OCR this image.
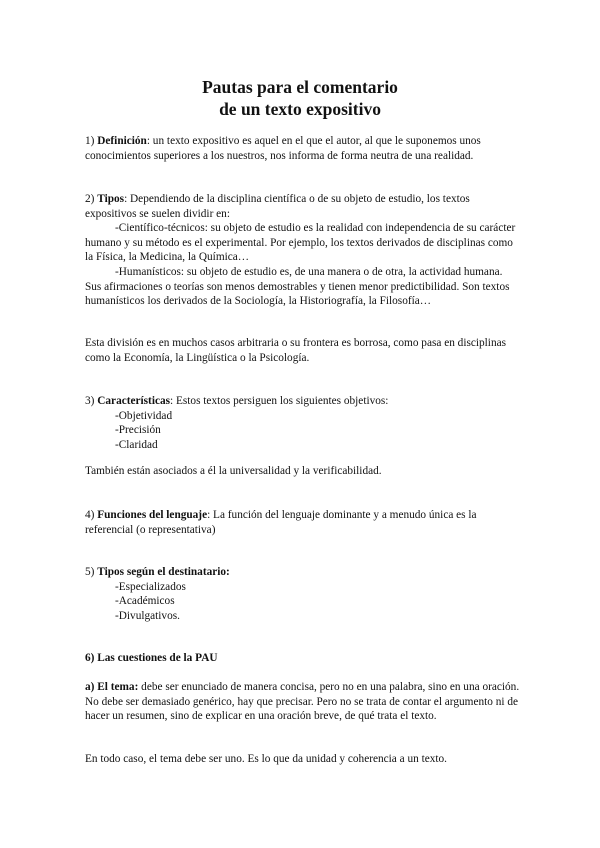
Pautas para el comentario
de un texto expositivo

1) Definición: un texto expositivo es aquel en el que el autor, al que le suponemos unos conocimientos superiores a los nuestros, nos informa de forma neutra de una realidad.

2) Tipos: Dependiendo de la disciplina científica o de su objeto de estudio, los textos expositivos se suelen dividir en:

-Científico-técnicos: su objeto de estudio es la realidad con independencia de su carácter humano y su método es el experimental. Por ejemplo, los textos derivados de disciplinas como la Física, la Medicina, la Química…

-Humanísticos: su objeto de estudio es, de una manera o de otra, la actividad humana. Sus afirmaciones o teorías son menos demostrables y tienen menor predictibilidad. Son textos humanísticos los derivados de la Sociología, la Historiografía, la Filosofía…

Esta división es en muchos casos arbitraria o su frontera es borrosa, como pasa en disciplinas como la Economía, la Lingüística o la Psicología.

3) Características: Estos textos persiguen los siguientes objetivos:

-Objetividad

-Precisión

-Claridad

También están asociados a él la universalidad y la verificabilidad.

4) Funciones del lenguaje: La función del lenguaje dominante y a menudo única es la referencial (o representativa)

5) Tipos según el destinatario:

-Especializados

-Académicos

-Divulgativos.

6) Las cuestiones de la PAU

a) El tema: debe ser enunciado de manera concisa, pero no en una palabra, sino en una oración. No debe ser demasiado genérico, hay que precisar. Pero no se trata de contar el argumento ni de hacer un resumen, sino de explicar en una oración breve, de qué trata el texto.

En todo caso, el tema debe ser uno. Es lo que da unidad y coherencia a un texto.
